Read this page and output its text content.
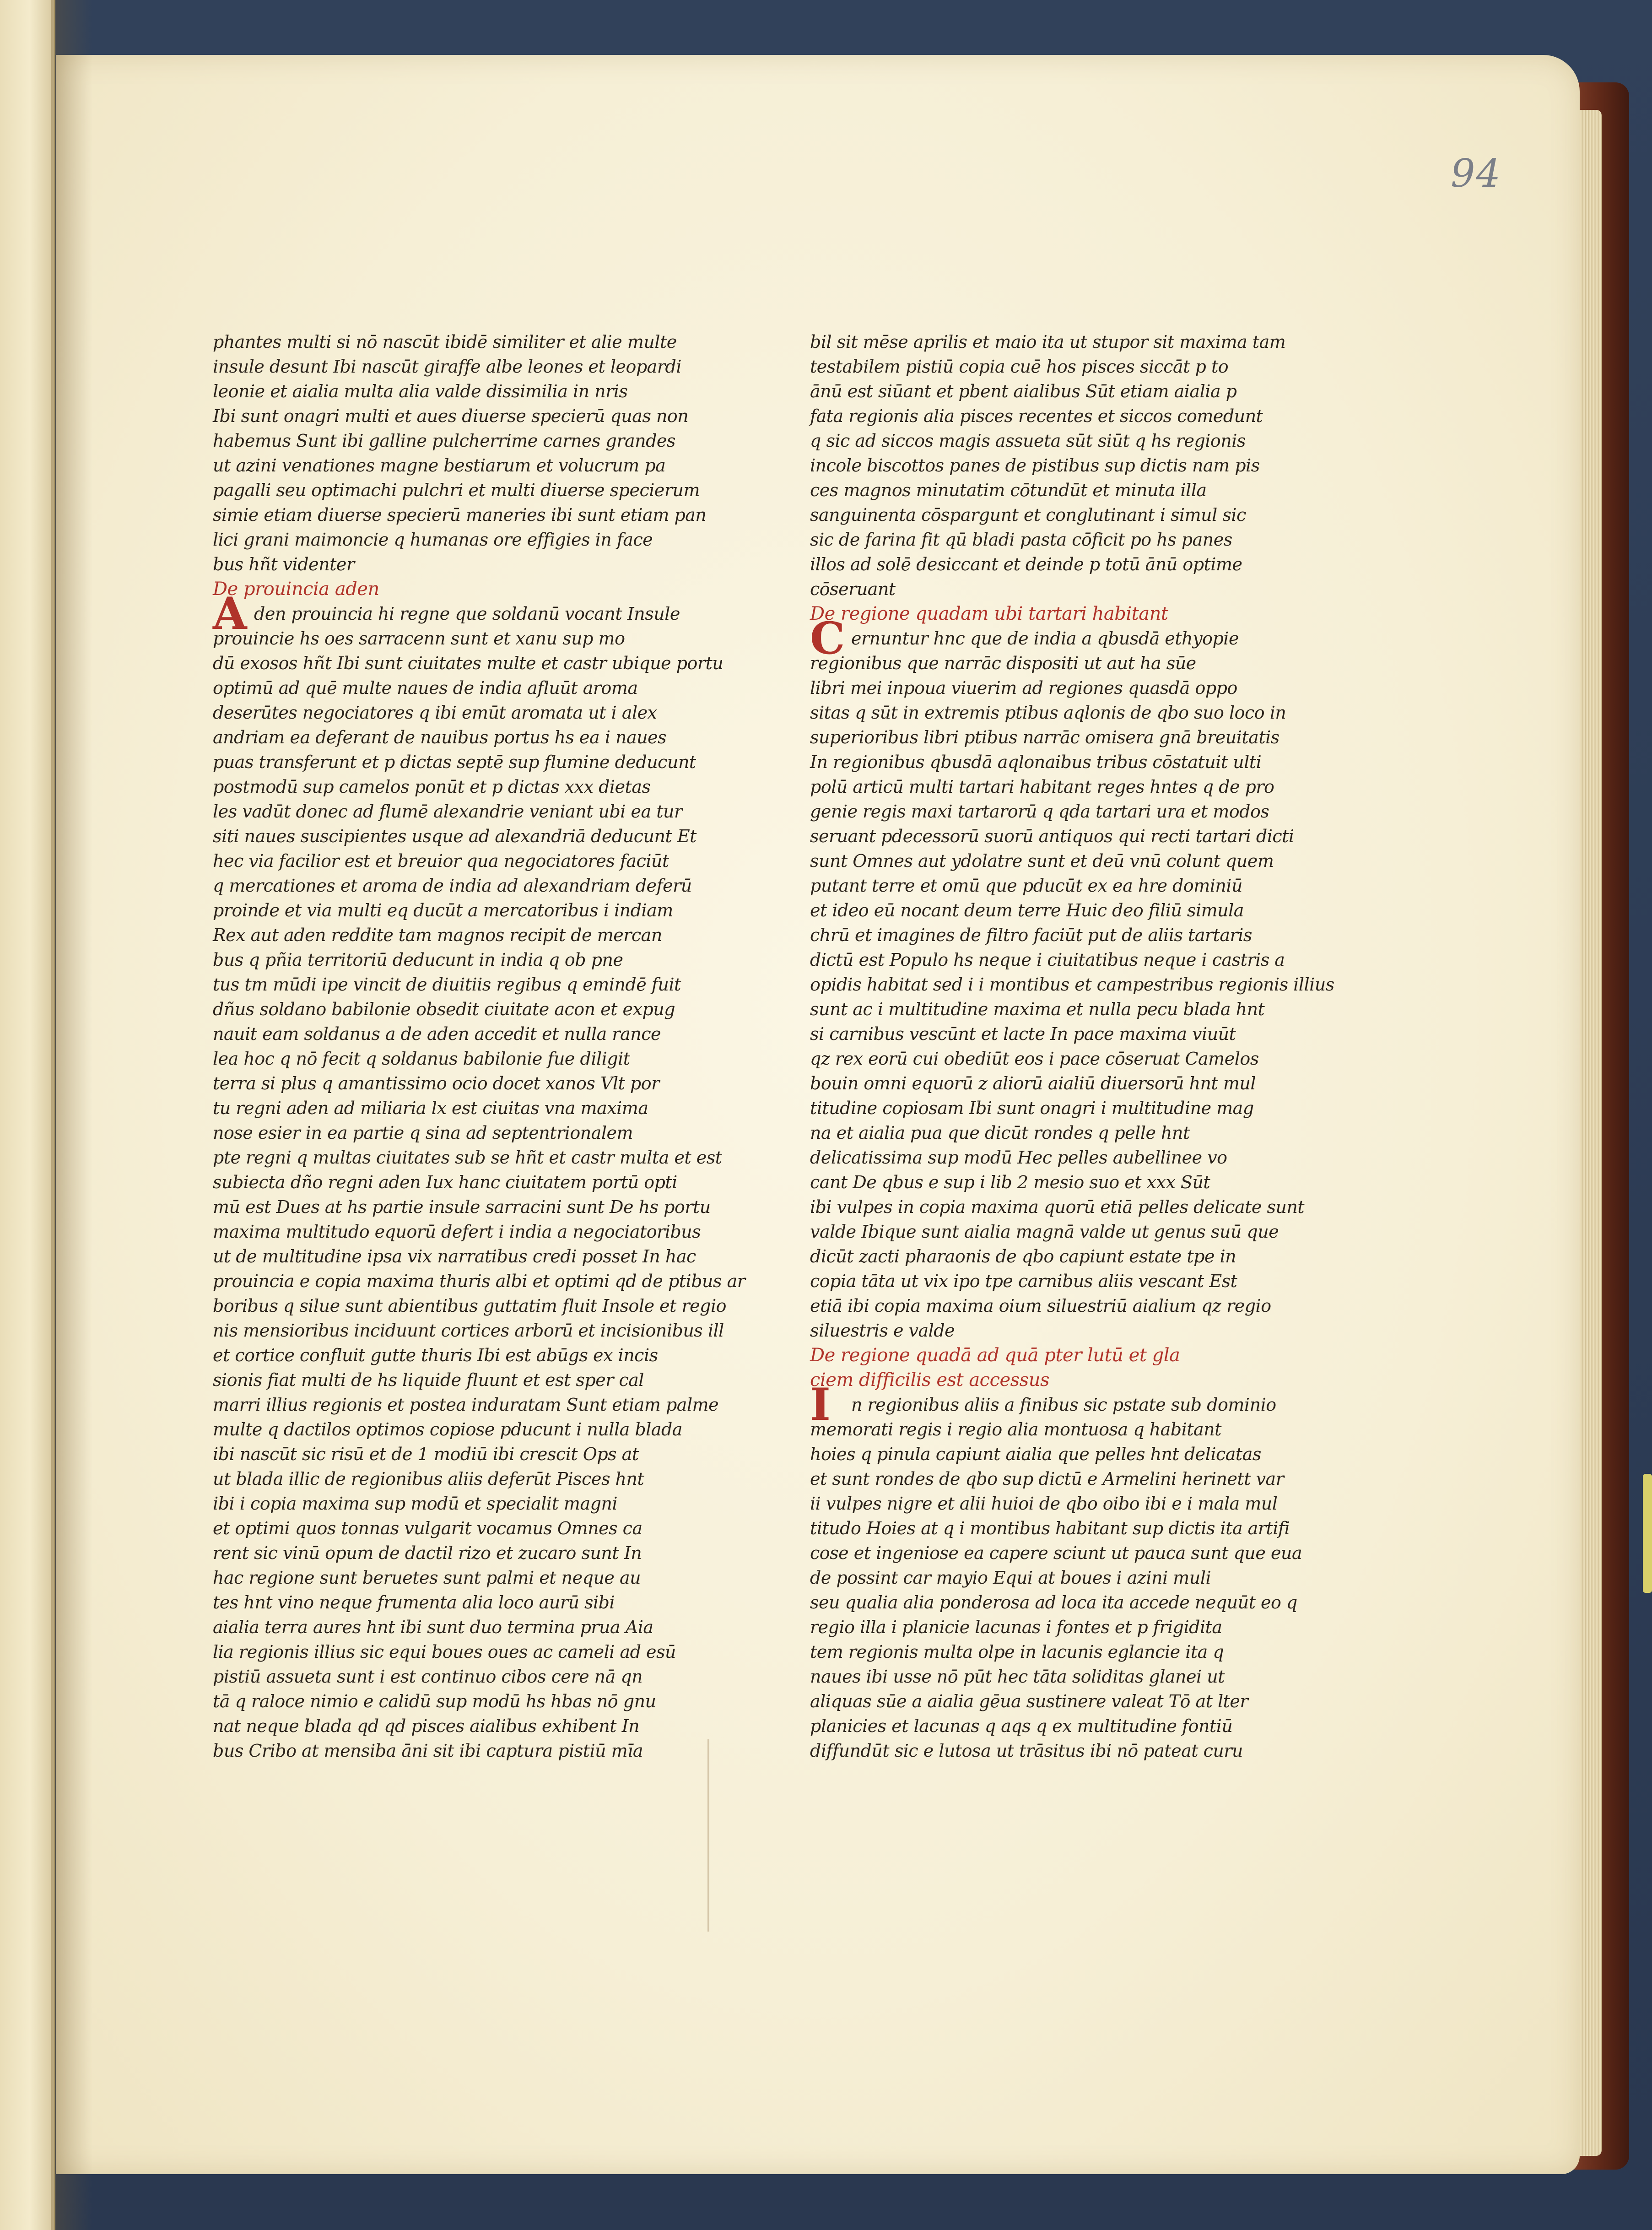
94
phantes multi si nō nascūt ibidē similiter et alie multe
insule desunt Ibi nascūt giraffe albe leones et leopardi
leonie et aialia multa alia valde dissimilia in nris
Ibi sunt onagri multi et aues diuerse specierū quas non
habemus Sunt ibi galline pulcherrime carnes grandes
ut azini venationes magne bestiarum et volucrum pa
pagalli seu optimachi pulchri et multi diuerse specierum
simie etiam diuerse specierū maneries ibi sunt etiam pan
lici grani maimoncie q humanas ore effigies in face
bus hñt videnter
De prouincia aden
Aden prouincia hi regne que soldanū vocant Insule
prouincie hs oes sarracenn sunt et xanu sup mo
dū exosos hñt Ibi sunt ciuitates multe et castr ubique portu
optimū ad quē multe naues de india afluūt aroma
deserūtes negociatores q ibi emūt aromata ut i alex
andriam ea deferant de nauibus portus hs ea i naues
puas transferunt et p dictas septē sup flumine deducunt
postmodū sup camelos ponūt et p dictas xxx dietas
les vadūt donec ad flumē alexandrie veniant ubi ea tur
siti naues suscipientes usque ad alexandriā deducunt Et
hec via facilior est et breuior qua negociatores faciūt
q mercationes et aroma de india ad alexandriam deferū
proinde et via multi eq ducūt a mercatoribus i indiam
Rex aut aden reddite tam magnos recipit de mercan
bus q pñia territoriū deducunt in india q ob pne
tus tm mūdi ipe vincit de diuitiis regibus q emindē fuit
dñus soldano babilonie obsedit ciuitate acon et expug
nauit eam soldanus a de aden accedit et nulla rance
lea hoc q nō fecit q soldanus babilonie fue diligit
terra si plus q amantissimo ocio docet xanos Vlt por
tu regni aden ad miliaria lx est ciuitas vna maxima
nose esier in ea partie q sina ad septentrionalem
pte regni q multas ciuitates sub se hñt et castr multa et est
subiecta dño regni aden Iux hanc ciuitatem portū opti
mū est Dues at hs partie insule sarracini sunt De hs portu
maxima multitudo equorū defert i india a negociatoribus
ut de multitudine ipsa vix narratibus credi posset In hac
prouincia e copia maxima thuris albi et optimi qd de ptibus ar
boribus q silue sunt abientibus guttatim fluit Insole et regio
nis mensioribus inciduunt cortices arborū et incisionibus ill
et cortice confluit gutte thuris Ibi est abūgs ex incis
sionis fiat multi de hs liquide fluunt et est sper cal
marri illius regionis et postea induratam Sunt etiam palme
multe q dactilos optimos copiose pducunt i nulla blada
ibi nascūt sic risū et de 1 modiū ibi crescit Ops at
ut blada illic de regionibus aliis deferūt Pisces hnt
ibi i copia maxima sup modū et specialit magni
et optimi quos tonnas vulgarit vocamus Omnes ca
rent sic vinū opum de dactil rizo et zucaro sunt In
hac regione sunt beruetes sunt palmi et neque au
tes hnt vino neque frumenta alia loco aurū sibi
aialia terra aures hnt ibi sunt duo termina prua Aia
lia regionis illius sic equi boues oues ac cameli ad esū
pistiū assueta sunt i est continuo cibos cere nā qn
tā q raloce nimio e calidū sup modū hs hbas nō gnu
nat neque blada qd qd pisces aialibus exhibent In
bus Cribo at mensiba āni sit ibi captura pistiū mīa
bil sit mēse aprilis et maio ita ut stupor sit maxima tam
testabilem pistiū copia cuē hos pisces siccāt p to
ānū est siūant et pbent aialibus Sūt etiam aialia p
fata regionis alia pisces recentes et siccos comedunt
q sic ad siccos magis assueta sūt siūt q hs regionis
incole biscottos panes de pistibus sup dictis nam pis
ces magnos minutatim cōtundūt et minuta illa
sanguinenta cōspargunt et conglutinant i simul sic
sic de farina fit qū bladi pasta cōficit po hs panes
illos ad solē desiccant et deinde p totū ānū optime
cōseruant
De regione quadam ubi tartari habitant
Cernuntur hnc que de india a qbusdā ethyopie
regionibus que narrāc dispositi ut aut ha sūe
libri mei inpoua viuerim ad regiones quasdā oppo
sitas q sūt in extremis ptibus aqlonis de qbo suo loco in
superioribus libri ptibus narrāc omisera gnā breuitatis
In regionibus qbusdā aqlonaibus tribus cōstatuit ulti
polū articū multi tartari habitant reges hntes q de pro
genie regis maxi tartarorū q qda tartari ura et modos
seruant pdecessorū suorū antiquos qui recti tartari dicti
sunt Omnes aut ydolatre sunt et deū vnū colunt quem
putant terre et omū que pducūt ex ea hre dominiū
et ideo eū nocant deum terre Huic deo filiū simula
chrū et imagines de filtro faciūt put de aliis tartaris
dictū est Populo hs neque i ciuitatibus neque i castris a
opidis habitat sed i i montibus et campestribus regionis illius
sunt ac i multitudine maxima et nulla pecu blada hnt
si carnibus vescūnt et lacte In pace maxima viuūt
qz rex eorū cui obediūt eos i pace cōseruat Camelos
bouin omni equorū z aliorū aialiū diuersorū hnt mul
titudine copiosam Ibi sunt onagri i multitudine mag
na et aialia pua que dicūt rondes q pelle hnt
delicatissima sup modū Hec pelles aubellinee vo
cant De qbus e sup i lib 2 mesio suo et xxx Sūt
ibi vulpes in copia maxima quorū etiā pelles delicate sunt
valde Ibique sunt aialia magnā valde ut genus suū que
dicūt zacti pharaonis de qbo capiunt estate tpe in
copia tāta ut vix ipo tpe carnibus aliis vescant Est
etiā ibi copia maxima oium siluestriū aialium qz regio
siluestris e valde
De regione quadā ad quā pter lutū et gla
ciem difficilis est accessus
I n regionibus aliis a finibus sic pstate sub dominio
memorati regis i regio alia montuosa q habitant
hoies q pinula capiunt aialia que pelles hnt delicatas
et sunt rondes de qbo sup dictū e Armelini herinett var
ii vulpes nigre et alii huioi de qbo oibo ibi e i mala mul
titudo Hoies at q i montibus habitant sup dictis ita artifi
cose et ingeniose ea capere sciunt ut pauca sunt que eua
de possint car mayio Equi at boues i azini muli
seu qualia alia ponderosa ad loca ita accede nequūt eo q
regio illa i planicie lacunas i fontes et p frigidita
tem regionis multa olpe in lacunis eglancie ita q
naues ibi usse nō pūt hec tāta soliditas glanei ut
aliquas sūe a aialia gēua sustinere valeat Tō at lter
planicies et lacunas q aqs q ex multitudine fontiū
diffundūt sic e lutosa ut trāsitus ibi nō pateat curu
